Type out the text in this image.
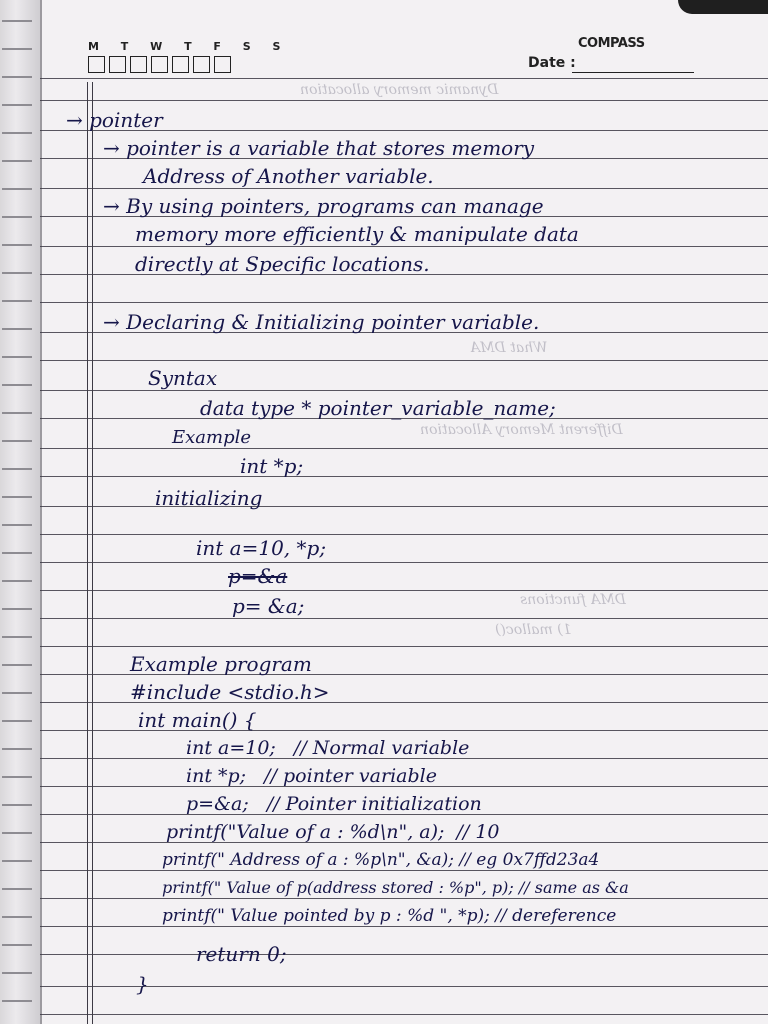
M T W T F S S	COMPASS
Date :
Dynamic memory allocation
What DMA
Different Memory Allocation
DMA functions
1) malloc()
→ pointer
→ pointer is a variable that stores memory
Address of Another variable.
→ By using pointers, programs can manage
memory more efficiently & manipulate data
directly at Specific locations.
→ Declaring & Initializing pointer variable.
Syntax
data type * pointer_variable_name;
Example
int *p;
initializing
int a=10, *p;
p=&a
p= &a;
Example program
#include <stdio.h>
int main() {
int a=10;   // Normal variable
int *p;   // pointer variable
p=&a;   // Pointer initialization
printf("Value of a : %d\n", a);  // 10
printf(" Address of a : %p\n", &a); // eg 0x7ffd23a4
printf(" Value of p(address stored : %p", p); // same as &a
printf(" Value pointed by p : %d ", *p); // dereference
return 0;
}
